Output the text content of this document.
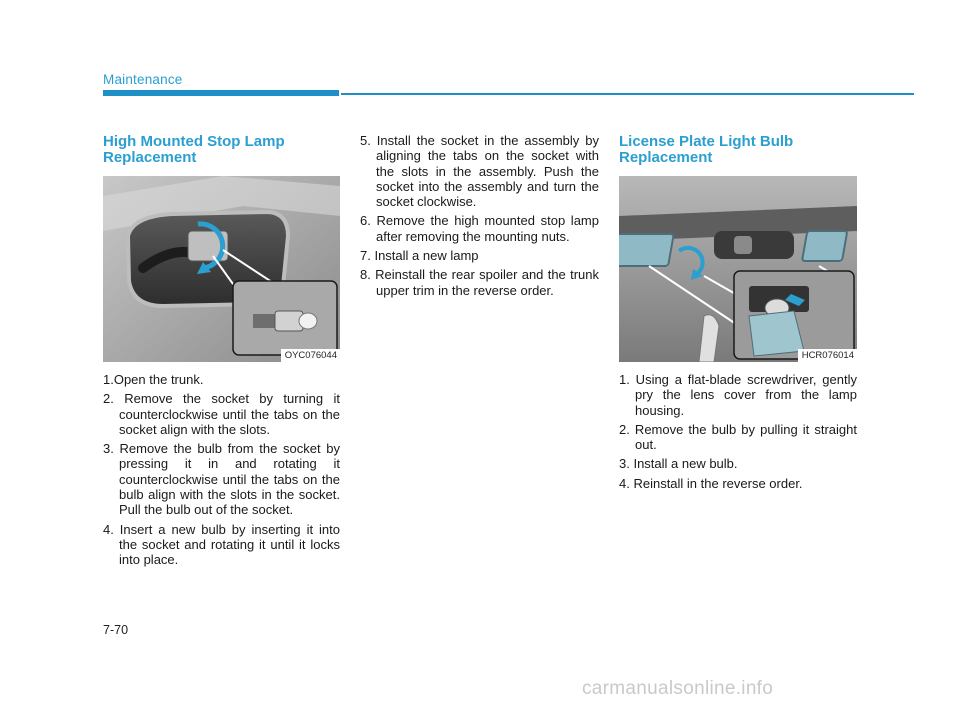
Maintenance
High Mounted Stop Lamp Replacement
OYC076044
1.Open the trunk.
2. Remove the socket by turning it counterclockwise until the tabs on the socket align with the slots.
3. Remove the bulb from the socket by pressing it in and rotating it counterclockwise until the tabs on the bulb align with the slots in the socket. Pull the bulb out of the socket.
4. Insert a new bulb by inserting it into the socket and rotating it until it locks into place.
5. Install the socket in the assembly by aligning the tabs on the socket with the slots in the assembly. Push the socket into the assembly and turn the socket clockwise.
6. Remove the high mounted stop lamp after removing the mounting nuts.
7. Install a new lamp
8. Reinstall the rear spoiler and the trunk upper trim in the reverse order.
License Plate Light Bulb Replacement
HCR076014
1. Using a flat-blade screwdriver, gently pry the lens cover from the lamp housing.
2. Remove the bulb by pulling it straight out.
3. Install a new bulb.
4. Reinstall in the reverse order.
7-70
carmanualsonline.info
